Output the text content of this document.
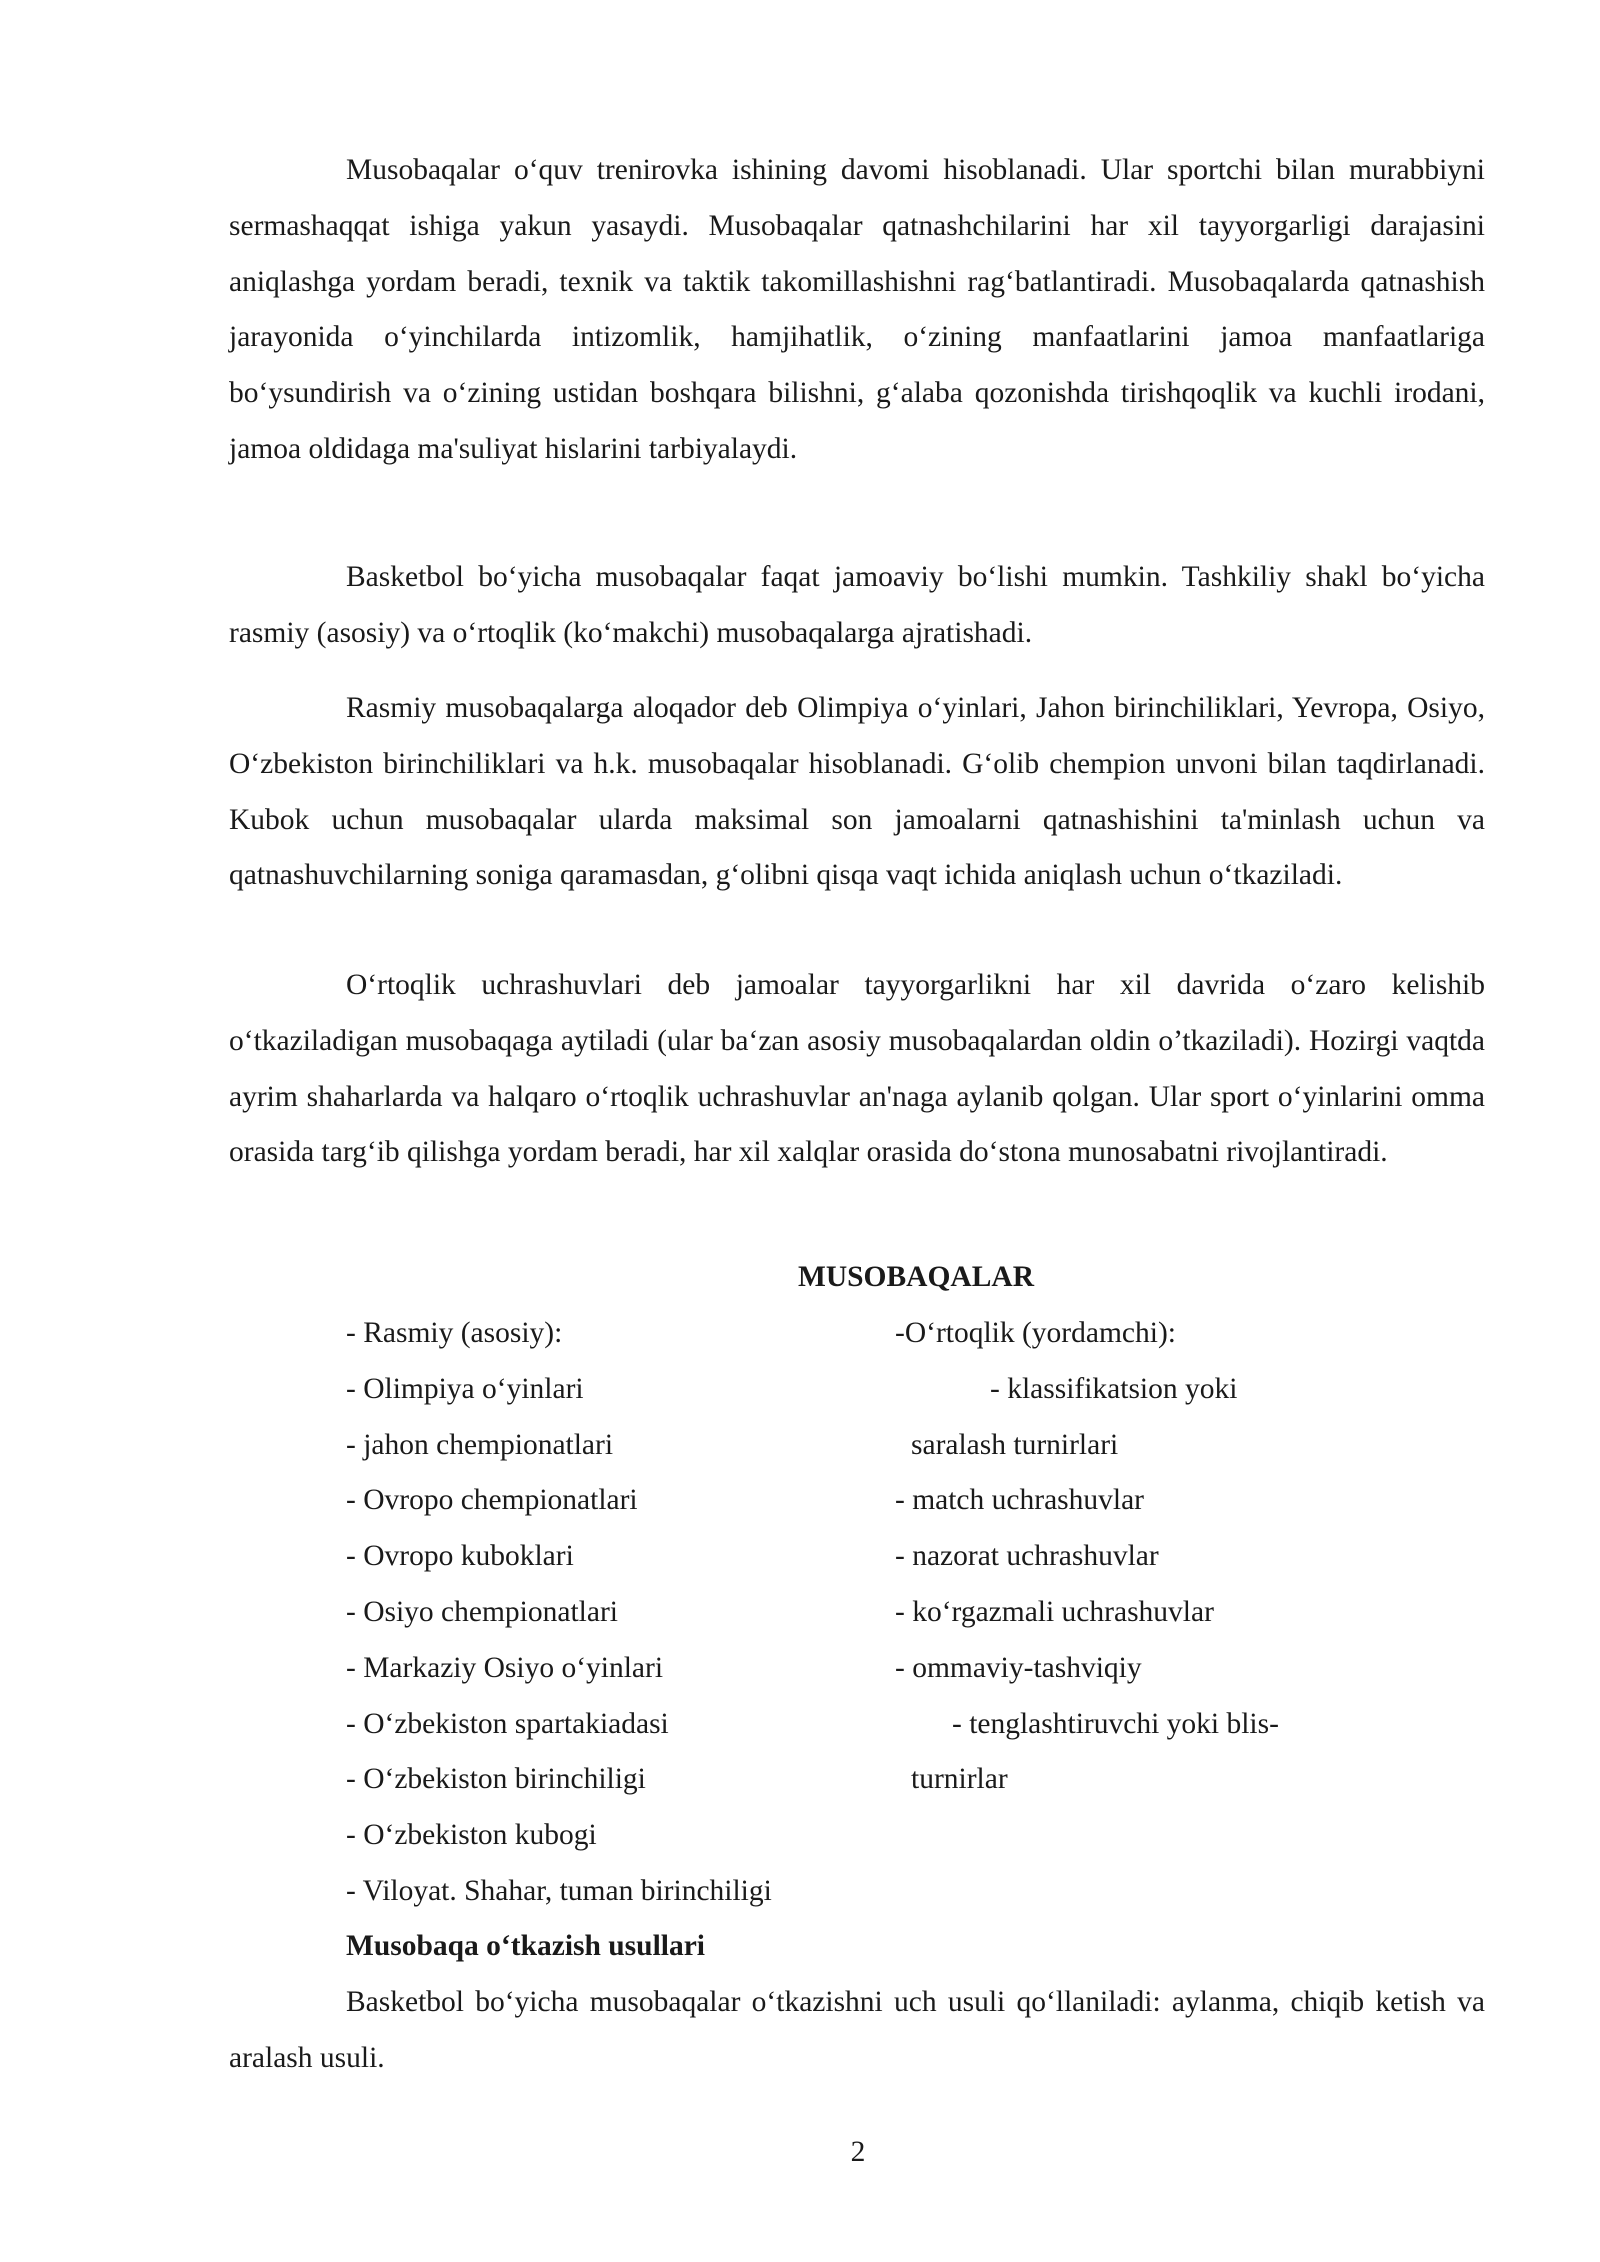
Musobaqalar o‘quv trenirovka ishining davomi hisoblanadi. Ular sportchi bilan murabbiyni sermashaqqat ishiga yakun yasaydi. Musobaqalar qatnashchilarini har xil tayyorgarligi darajasini aniqlashga yordam beradi, texnik va taktik takomillashishni rag‘batlantiradi. Musobaqalarda qatnashish jarayonida o‘yinchilarda intizomlik, hamjihatlik, o‘zining manfaatlarini jamoa manfaatlariga bo‘ysundirish va o‘zining ustidan boshqara bilishni, g‘alaba qozonishda tirishqoqlik va kuchli irodani, jamoa oldidaga ma'suliyat hislarini tarbiyalaydi.

Basketbol bo‘yicha musobaqalar faqat jamoaviy bo‘lishi mumkin. Tashkiliy shakl bo‘yicha rasmiy (asosiy) va o‘rtoqlik (ko‘makchi) musobaqalarga ajratishadi.

Rasmiy musobaqalarga aloqador deb Olimpiya o‘yinlari, Jahon birinchiliklari, Yevropa, Osiyo, O‘zbekiston birinchiliklari va h.k. musobaqalar hisoblanadi. G‘olib chempion unvoni bilan taqdirlanadi. Kubok uchun musobaqalar ularda maksimal son jamoalarni qatnashishini ta'minlash uchun va qatnashuvchilarning soniga qaramasdan, g‘olibni qisqa vaqt ichida aniqlash uchun o‘tkaziladi.

O‘rtoqlik uchrashuvlari deb jamoalar tayyorgarlikni har xil davrida o‘zaro kelishib o‘tkaziladigan musobaqaga aytiladi (ular ba‘zan asosiy musobaqalardan oldin o’tkaziladi). Hozirgi vaqtda ayrim shaharlarda va halqaro o‘rtoqlik uchrashuvlar an'naga aylanib qolgan. Ular sport o‘yinlarini omma orasida targ‘ib qilishga yordam beradi, har xil xalqlar orasida do‘stona munosabatni rivojlantiradi.

MUSOBAQALAR
- Rasmiy (asosiy):
- Olimpiya o‘yinlari
- jahon chempionatlari
- Ovropo chempionatlari
- Ovropo kuboklari
- Osiyo chempionatlari
- Markaziy Osiyo o‘yinlari
- O‘zbekiston spartakiadasi
- O‘zbekiston birinchiligi
- O‘zbekiston kubogi
- Viloyat. Shahar, tuman birinchiligi
-O‘rtoqlik (yordamchi):
- klassifikatsion yoki
saralash turnirlari
- match uchrashuvlar
- nazorat uchrashuvlar
- ko‘rgazmali uchrashuvlar
- ommaviy-tashviqiy
- tenglashtiruvchi yoki blis-
turnirlar
Musobaqa o‘tkazish usullari

Basketbol bo‘yicha musobaqalar o‘tkazishni uch usuli qo‘llaniladi: aylanma, chiqib ketish va aralash usuli.

2
